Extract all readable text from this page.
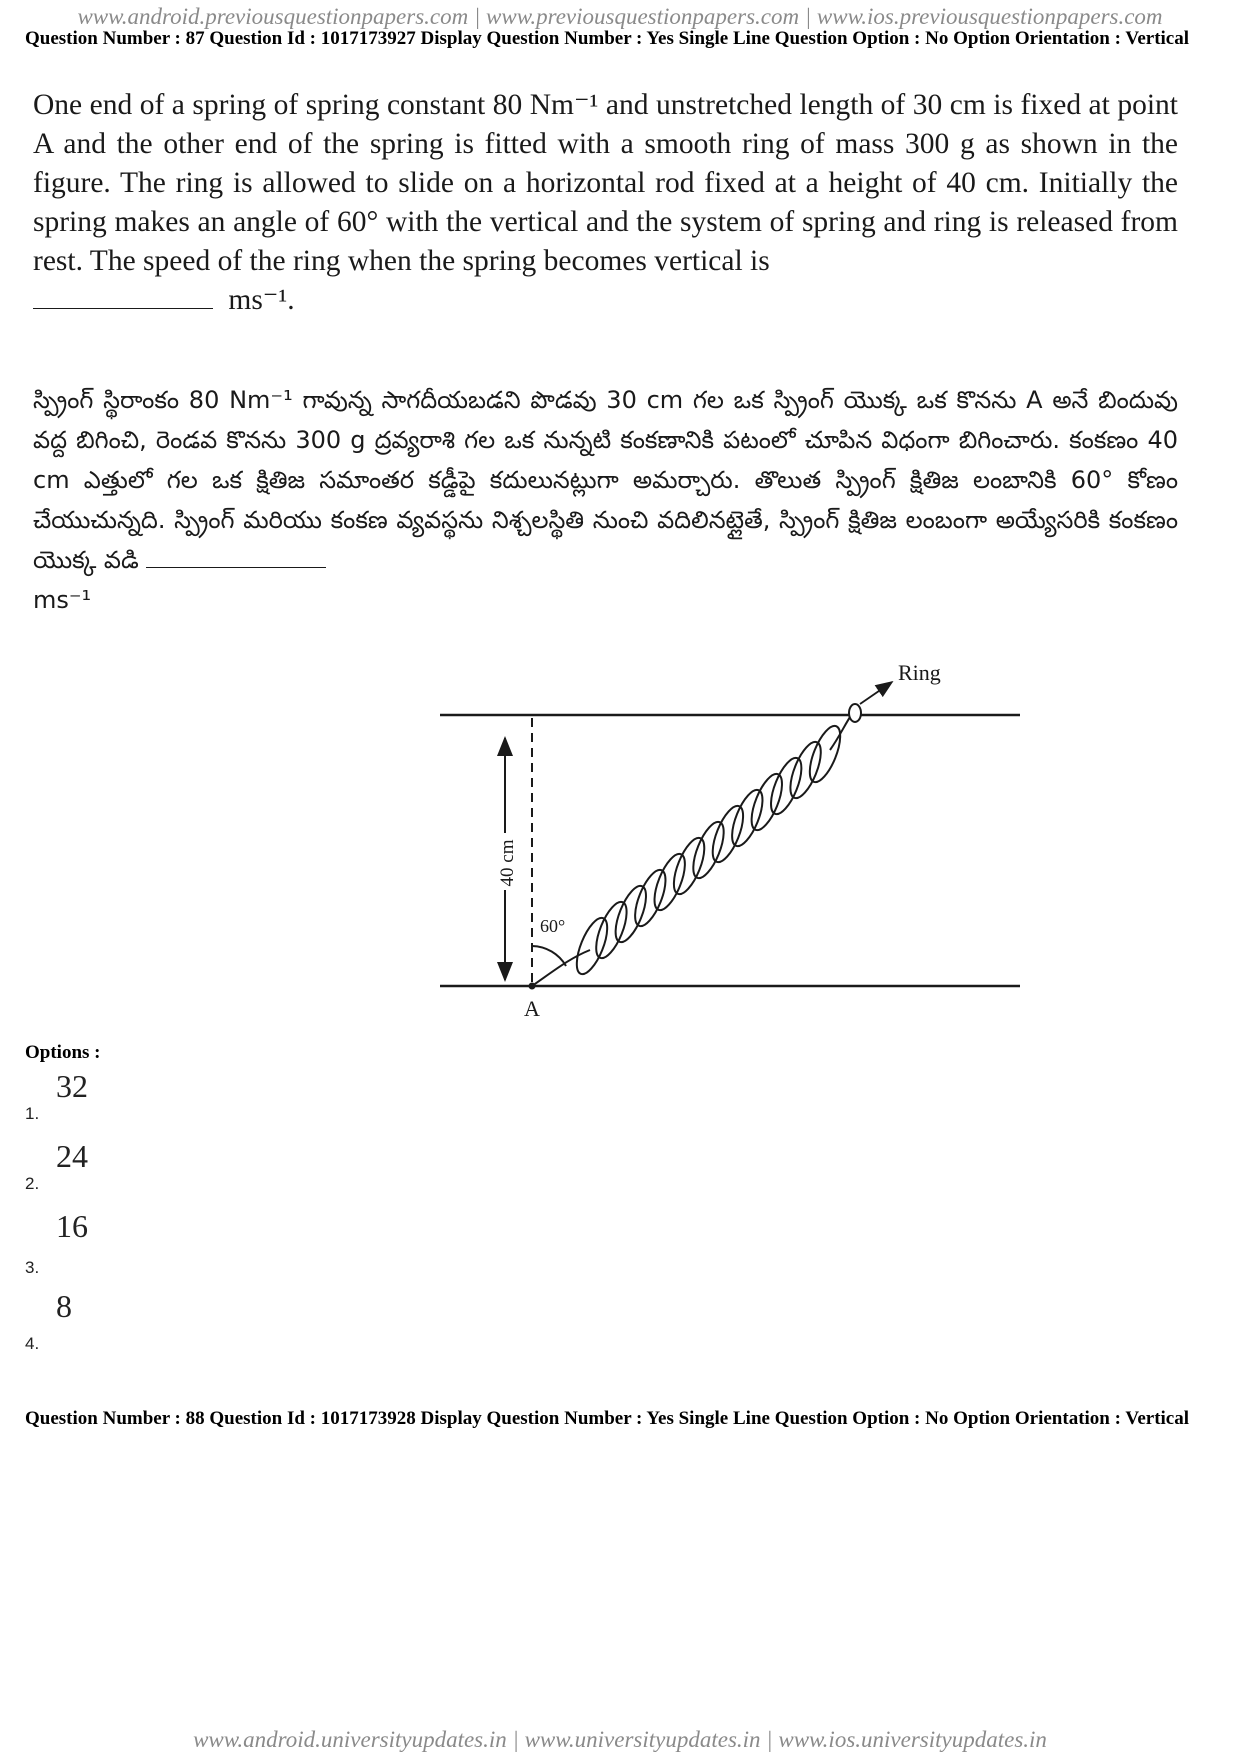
www.android.previousquestionpapers.com | www.previousquestionpapers.com | www.ios.previousquestionpapers.com
Question Number : 87 Question Id : 1017173927 Display Question Number : Yes Single Line Question Option : No Option Orientation : Vertical
One end of a spring of spring constant 80 Nm⁻¹ and unstretched length of 30 cm is fixed at point A and the other end of the spring is fitted with a smooth ring of mass 300 g as shown in the figure. The ring is allowed to slide on a horizontal rod fixed at a height of 40 cm. Initially the spring makes an angle of 60° with the vertical and the system of spring and ring is released from rest. The speed of the ring when the spring becomes vertical is
ms⁻¹.
స్ప్రింగ్ స్థిరాంకం 80 Nm⁻¹ గావున్న సాగదీయబడని పొడవు 30 cm గల ఒక స్ప్రింగ్ యొక్క ఒక కొనను A అనే బిందువు వద్ద బిగించి, రెండవ కొనను 300 g ద్రవ్యరాశి గల ఒక నున్నటి కంకణానికి పటంలో చూపిన విధంగా బిగించారు. కంకణం 40 cm ఎత్తులో గల ఒక క్షితిజ సమాంతర కడ్డీపై కదులునట్లుగా అమర్చారు. తొలుత స్ప్రింగ్ క్షితిజ లంబానికి 60° కోణం చేయుచున్నది. స్ప్రింగ్ మరియు కంకణ వ్యవస్థను నిశ్చలస్థితి నుంచి వదిలినట్లైతే, స్ప్రింగ్ క్షితిజ లంబంగా అయ్యేసరికి కంకణం యొక్క వడి
ms⁻¹
40 cm
60°
Ring
A
Options :
32
1.
24
2.
16
3.
8
4.
Question Number : 88 Question Id : 1017173928 Display Question Number : Yes Single Line Question Option : No Option Orientation : Vertical
www.android.universityupdates.in | www.universityupdates.in | www.ios.universityupdates.in
